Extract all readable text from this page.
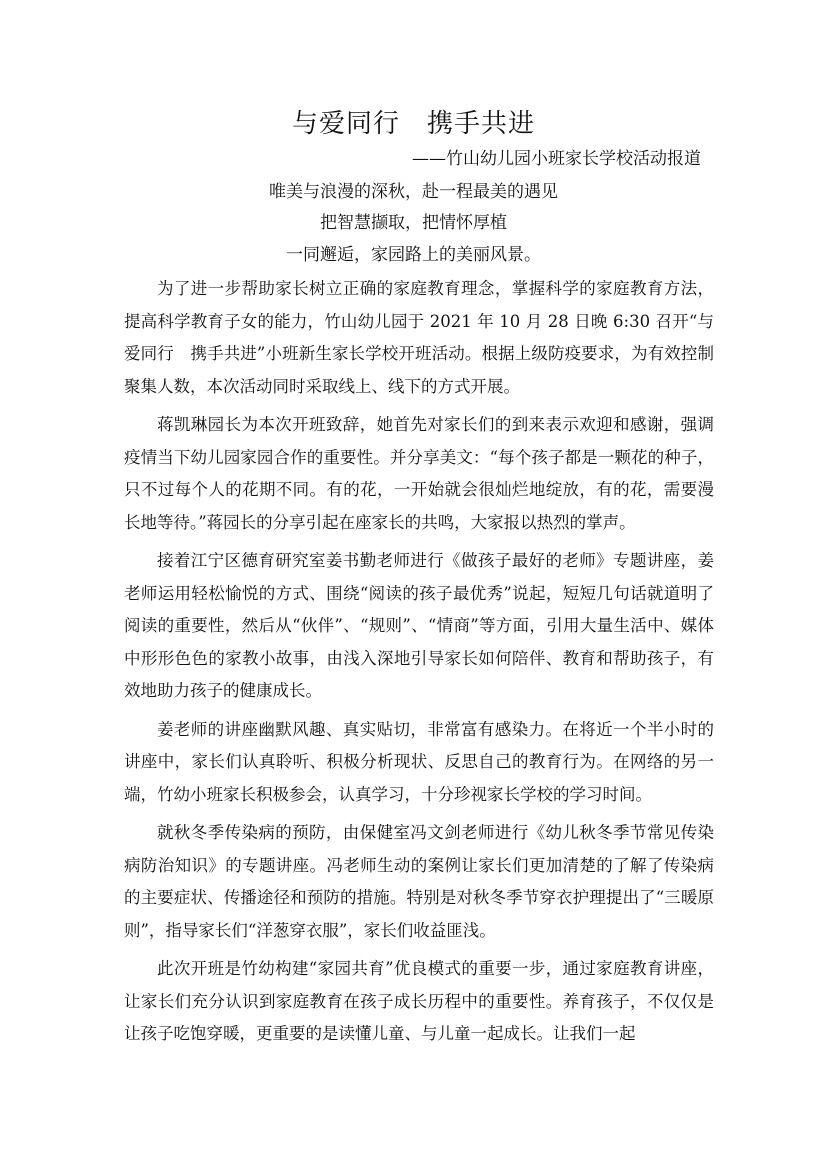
与爱同行　携手共进
——竹山幼儿园小班家长学校活动报道
唯美与浪漫的深秋，赴一程最美的遇见
把智慧撷取，把情怀厚植
一同邂逅，家园路上的美丽风景。

为了进一步帮助家长树立正确的家庭教育理念，掌握科学的家庭教育方法，提高科学教育子女的能力，竹山幼儿园于 2021 年 10 月 28 日晚 6:30 召开“与爱同行　携手共进”小班新生家长学校开班活动。根据上级防疫要求，为有效控制聚集人数，本次活动同时采取线上、线下的方式开展。

蒋凯琳园长为本次开班致辞，她首先对家长们的到来表示欢迎和感谢，强调疫情当下幼儿园家园合作的重要性。并分享美文：“每个孩子都是一颗花的种子，只不过每个人的花期不同。有的花，一开始就会很灿烂地绽放，有的花，需要漫长地等待。”蒋园长的分享引起在座家长的共鸣，大家报以热烈的掌声。

接着江宁区德育研究室姜书勤老师进行《做孩子最好的老师》专题讲座，姜老师运用轻松愉悦的方式、围绕“阅读的孩子最优秀”说起，短短几句话就道明了阅读的重要性，然后从“伙伴”、“规则”、“情商”等方面，引用大量生活中、媒体中形形色色的家教小故事，由浅入深地引导家长如何陪伴、教育和帮助孩子，有效地助力孩子的健康成长。

姜老师的讲座幽默风趣、真实贴切，非常富有感染力。在将近一个半小时的讲座中，家长们认真聆听、积极分析现状、反思自己的教育行为。在网络的另一端，竹幼小班家长积极参会，认真学习，十分珍视家长学校的学习时间。

就秋冬季传染病的预防，由保健室冯文剑老师进行《幼儿秋冬季节常见传染病防治知识》的专题讲座。冯老师生动的案例让家长们更加清楚的了解了传染病的主要症状、传播途径和预防的措施。特别是对秋冬季节穿衣护理提出了“三暖原则”，指导家长们“洋葱穿衣服”，家长们收益匪浅。

此次开班是竹幼构建“家园共育”优良模式的重要一步，通过家庭教育讲座，让家长们充分认识到家庭教育在孩子成长历程中的重要性。养育孩子，不仅仅是让孩子吃饱穿暖，更重要的是读懂儿童、与儿童一起成长。让我们一起
